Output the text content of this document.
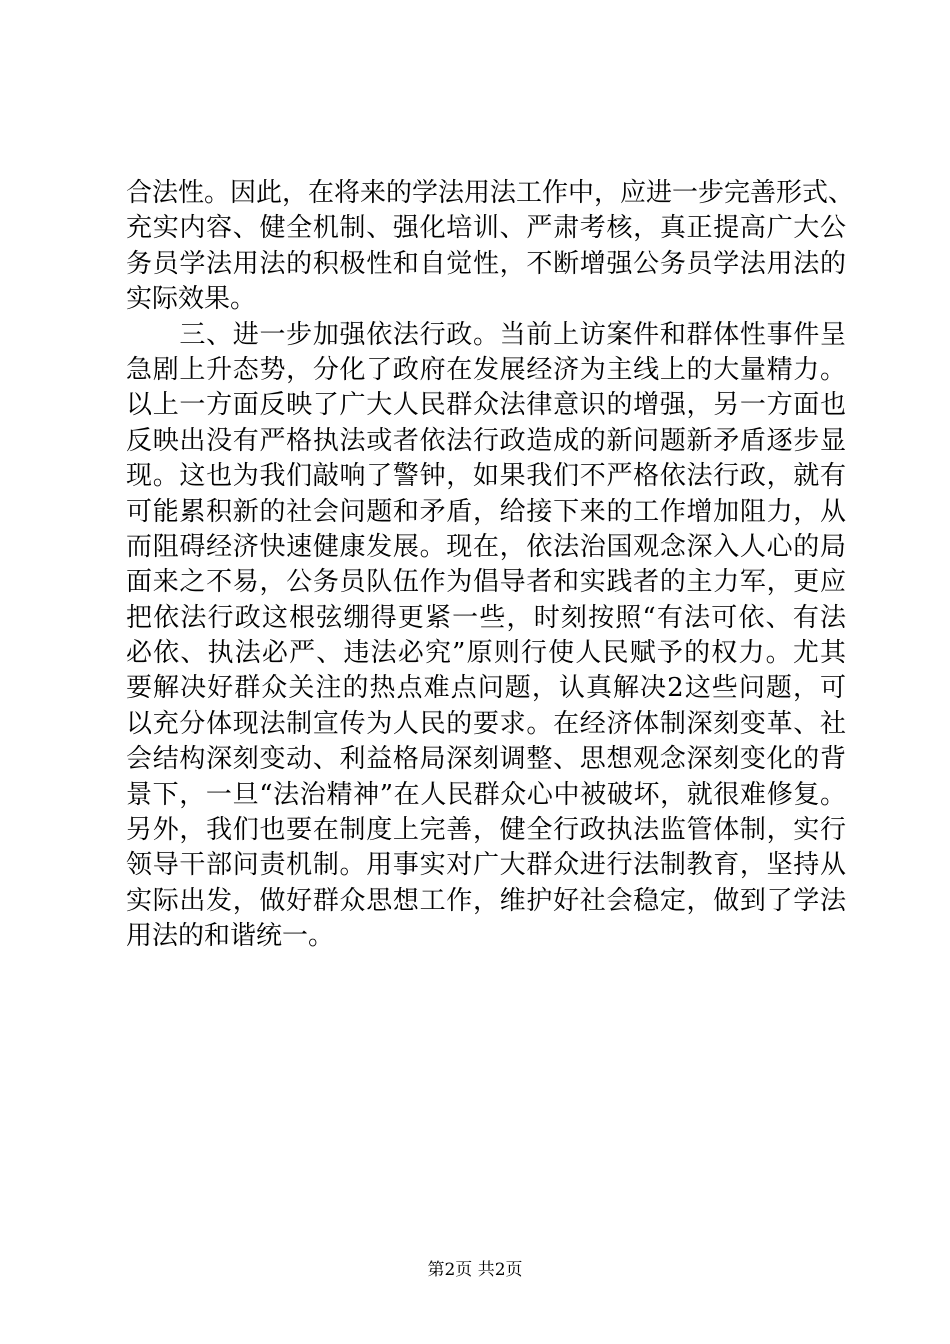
合法性。因此，在将来的学法用法工作中，应进一步完善形式、
充实内容、健全机制、强化培训、严肃考核，真正提高广大公
务员学法用法的积极性和自觉性，不断增强公务员学法用法的
实际效果。
　　三、进一步加强依法行政。当前上访案件和群体性事件呈
急剧上升态势，分化了政府在发展经济为主线上的大量精力。
以上一方面反映了广大人民群众法律意识的增强，另一方面也
反映出没有严格执法或者依法行政造成的新问题新矛盾逐步显
现。这也为我们敲响了警钟，如果我们不严格依法行政，就有
可能累积新的社会问题和矛盾，给接下来的工作增加阻力，从
而阻碍经济快速健康发展。现在，依法治国观念深入人心的局
面来之不易，公务员队伍作为倡导者和实践者的主力军，更应
把依法行政这根弦绷得更紧一些，时刻按照“有法可依、有法
必依、执法必严、违法必究”原则行使人民赋予的权力。尤其
要解决好群众关注的热点难点问题，认真解决2这些问题，可
以充分体现法制宣传为人民的要求。在经济体制深刻变革、社
会结构深刻变动、利益格局深刻调整、思想观念深刻变化的背
景下，一旦“法治精神”在人民群众心中被破坏，就很难修复。
另外，我们也要在制度上完善，健全行政执法监管体制，实行
领导干部问责机制。用事实对广大群众进行法制教育，坚持从
实际出发，做好群众思想工作，维护好社会稳定，做到了学法
用法的和谐统一。
第2页 共2页
